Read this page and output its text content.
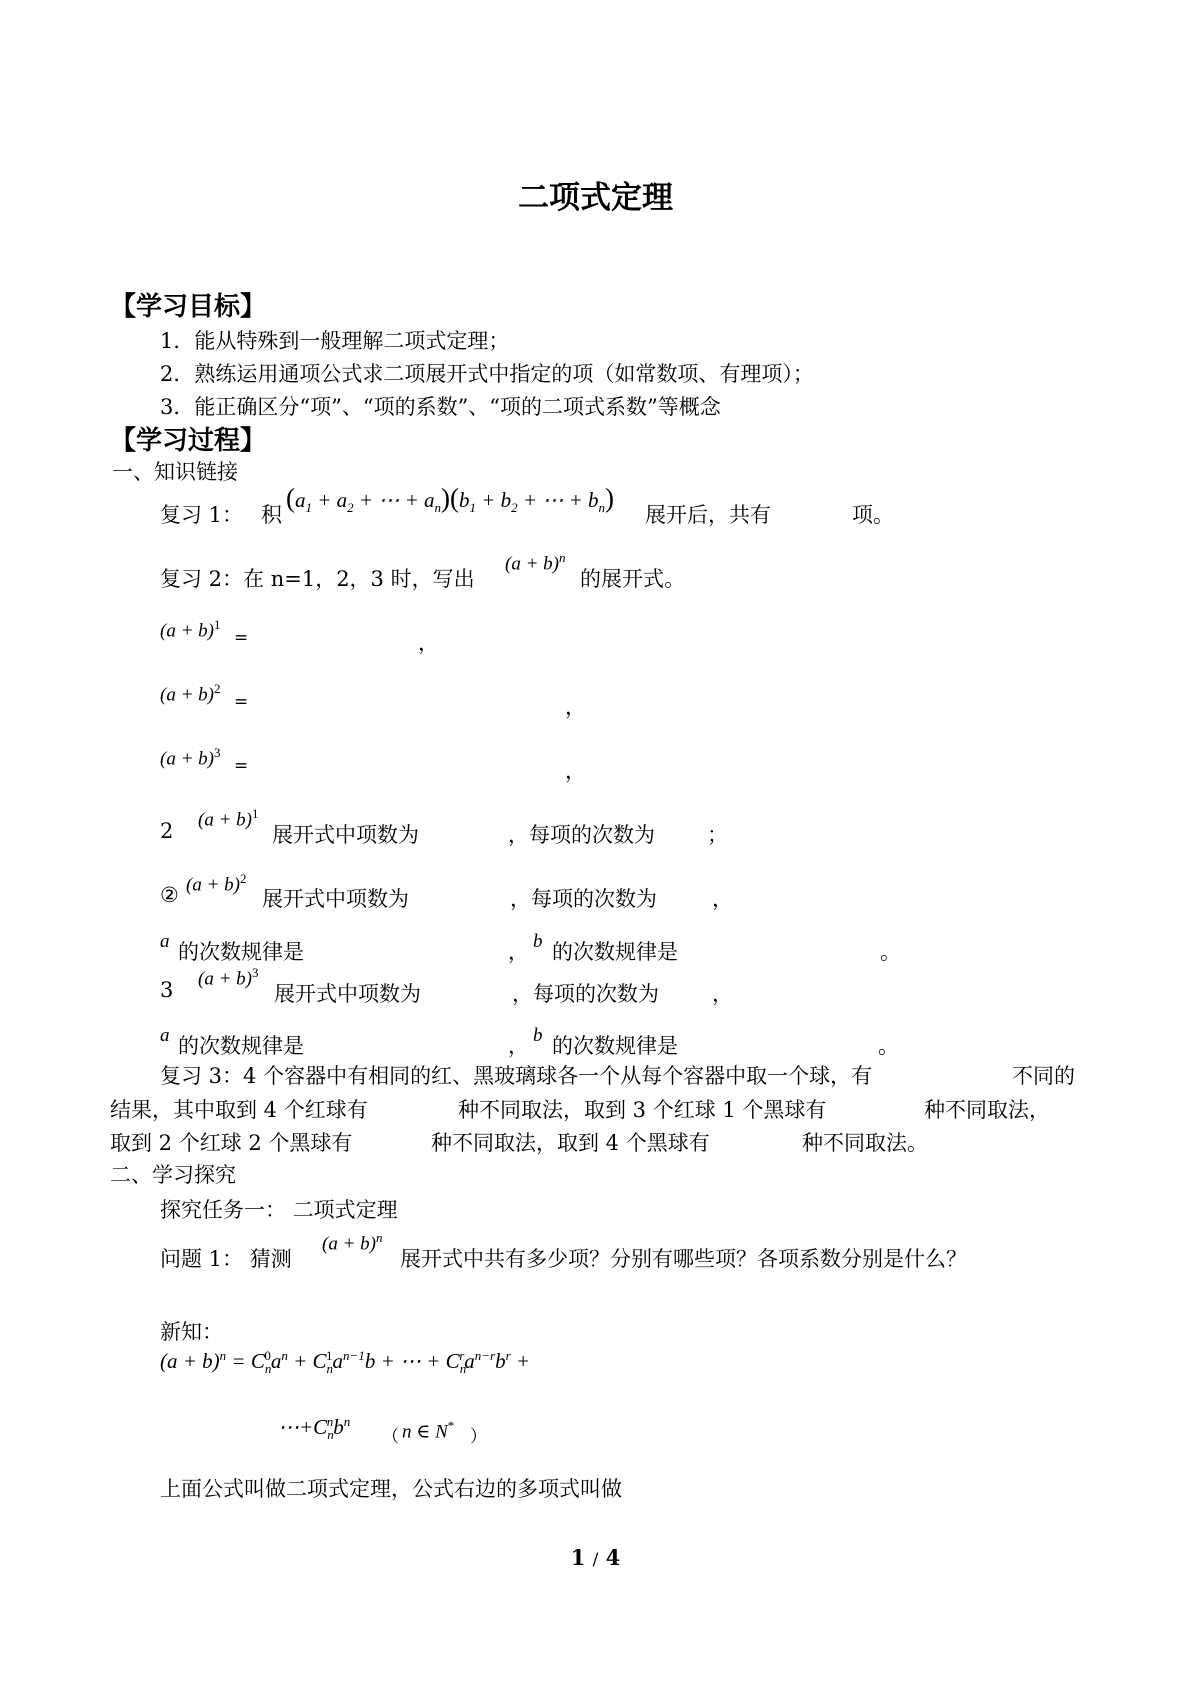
二项式定理
【学习目标】
1．能从特殊到一般理解二项式定理；
2．熟练运用通项公式求二项展开式中指定的项（如常数项、有理项）；
3．能正确区分“项”、“项的系数”、“项的二项式系数”等概念
【学习过程】
一、知识链接
复习 1： 积
($a_1 + a_2$ + ⋯ + $a_n)(b_1 + b_2$ + ⋯ + $b_n$)
展开后，共有	项。
复习 2：在 n=1，2，3 时，写出
$(a + b)^n$
的展开式。
$(a + b)^1$
=	，
$(a + b)^2$
=	，
$(a + b)^3$
=	，
2 $(a + b)^1$
展开式中项数为	，每项的次数为 ；
② $(a + b)^2$
展开式中项数为	，每项的次数为	，
a 的次数规律是	， b 的次数规律是	。
3 $(a + b)^3$
展开式中项数为	，每项的次数为	，
a 的次数规律是	， b 的次数规律是	。
复习 3：4 个容器中有相同的红、黑玻璃球各一个从每个容器中取一个球，有	不同的
结果，其中取到 4 个红球有	种不同取法，取到 3 个红球 1 个黑球有	种不同取法，
取到 2 个红球 2 个黑球有	种不同取法，取到 4 个黑球有	种不同取法。
二、学习探究
探究任务一： 二项式定理
问题 1： 猜测
$(a + b)^n$
展开式中共有多少项？分别有哪些项？各项系数分别是什么？
新知：
$(a + b)^n = C_n^0a^n + C_n^1a^{n-1}b$ + ⋯ + $C_n^ra^{n-r}b^r$ +
$\cdots+C_n^nb^n$
（ n ∈ N*
）
上面公式叫做二项式定理，公式右边的多项式叫做
1 / 4
